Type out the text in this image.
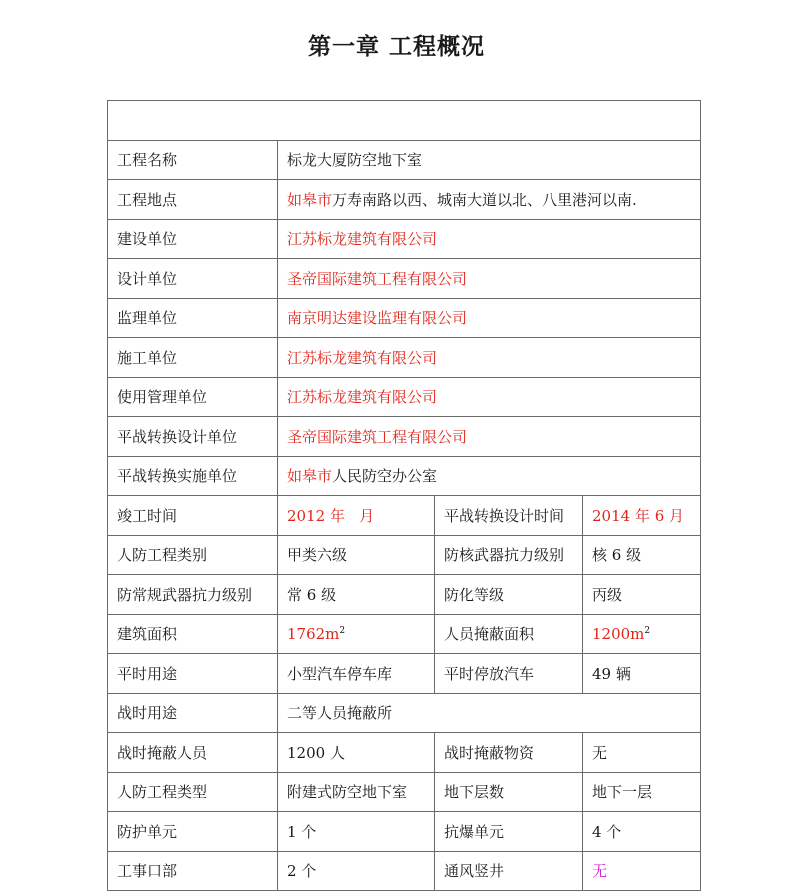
第一章 工程概况

工程名称	标龙大厦防空地下室		
工程地点	如皋市万寿南路以西、城南大道以北、八里港河以南.		
建设单位	江苏标龙建筑有限公司		
设计单位	圣帝国际建筑工程有限公司		
监理单位	南京明达建设监理有限公司		
施工单位	江苏标龙建筑有限公司		
使用管理单位	江苏标龙建筑有限公司		
平战转换设计单位	圣帝国际建筑工程有限公司		
平战转换实施单位	如皋市人民防空办公室		
竣工时间	2012 年   月	平战转换设计时间	2014 年 6 月
人防工程类别	甲类六级	防核武器抗力级别	核 6 级
防常规武器抗力级别	常 6 级	防化等级	丙级
建筑面积	$1762m^2$	人员掩蔽面积	$1200m^2$
平时用途	小型汽车停车库	平时停放汽车	49 辆
战时用途	二等人员掩蔽所		
战时掩蔽人员	1200 人	战时掩蔽物资	无
人防工程类型	附建式防空地下室	地下层数	地下一层
防护单元	1 个	抗爆单元	4 个
工事口部	2 个	通风竖井	无
